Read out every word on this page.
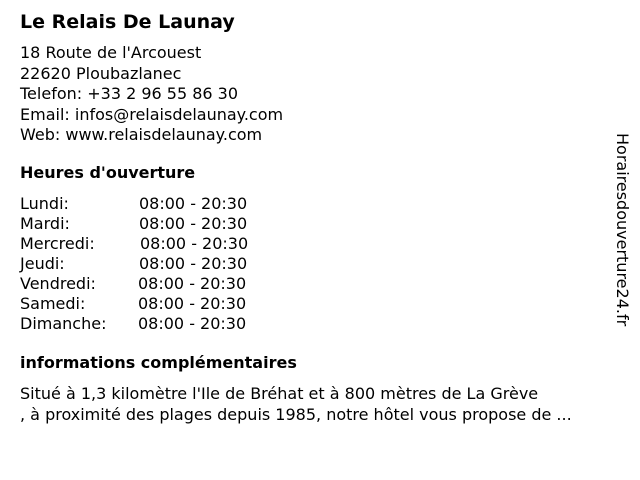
Le Relais De Launay
18 Route de l'Arcouest
22620 Ploubazlanec
Telefon: +33 2 96 55 86 30
Email: infos@relaisdelaunay.com
Web: www.relaisdelaunay.com
Heures d'ouverture
Lundi:	08:00 - 20:30
Mardi:	08:00 - 20:30
Mercredi:	08:00 - 20:30
Jeudi:	08:00 - 20:30
Vendredi:	08:00 - 20:30
Samedi:	08:00 - 20:30
Dimanche: 08:00 - 20:30
informations complémentaires
Situé à 1,3 kilomètre l'Ile de Bréhat et à 800 mètres de La Grève
, à proximité des plages depuis 1985, notre hôtel vous propose de ...
Horairesdouverture24.fr
